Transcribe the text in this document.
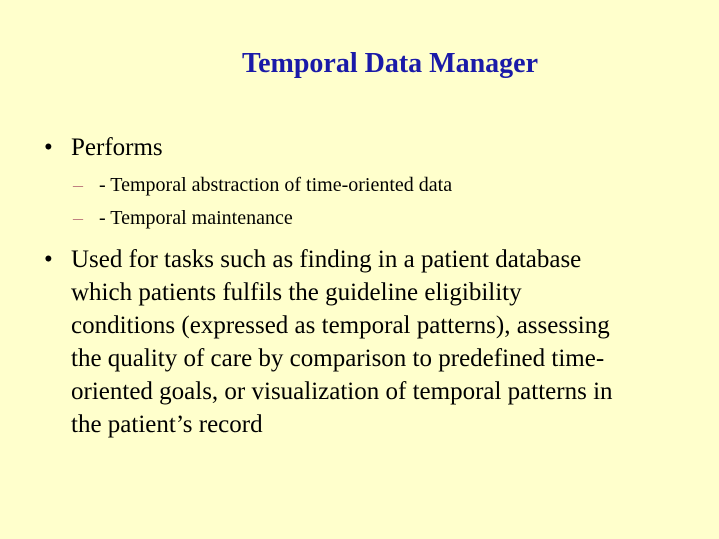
Temporal Data Manager
• Performs
– - Temporal abstraction of time-oriented data
– - Temporal maintenance
• Used for tasks such as finding in a patient database
which patients fulfils the guideline eligibility
conditions (expressed as temporal patterns), assessing
the quality of care by comparison to predefined time-
oriented goals, or visualization of temporal patterns in
the patient’s record
